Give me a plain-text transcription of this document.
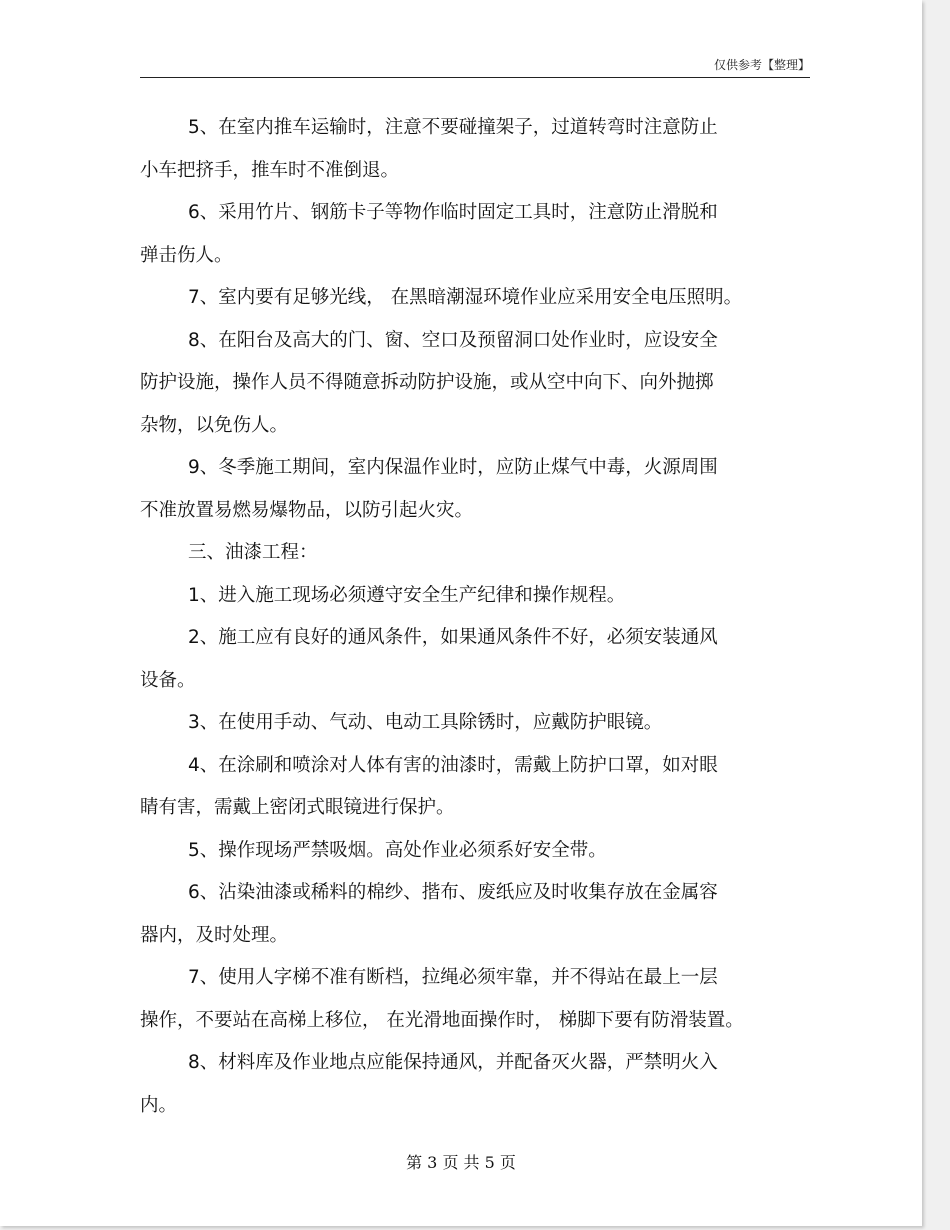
仅供参考【整理】
5、在室内推车运输时，注意不要碰撞架子，过道转弯时注意防止
小车把挤手，推车时不准倒退。
6、采用竹片、钢筋卡子等物作临时固定工具时，注意防止滑脱和
弹击伤人。
7、室内要有足够光线， 在黑暗潮湿环境作业应采用安全电压照明。
8、在阳台及高大的门、窗、空口及预留洞口处作业时，应设安全
防护设施，操作人员不得随意拆动防护设施，或从空中向下、向外抛掷
杂物，以免伤人。
9、冬季施工期间，室内保温作业时，应防止煤气中毒，火源周围
不准放置易燃易爆物品，以防引起火灾。
三、油漆工程：
1、进入施工现场必须遵守安全生产纪律和操作规程。
2、施工应有良好的通风条件，如果通风条件不好，必须安装通风
设备。
3、在使用手动、气动、电动工具除锈时，应戴防护眼镜。
4、在涂刷和喷涂对人体有害的油漆时，需戴上防护口罩，如对眼
睛有害，需戴上密闭式眼镜进行保护。
5、操作现场严禁吸烟。高处作业必须系好安全带。
6、沾染油漆或稀料的棉纱、揩布、废纸应及时收集存放在金属容
器内，及时处理。
7、使用人字梯不准有断档，拉绳必须牢靠，并不得站在最上一层
操作，不要站在高梯上移位， 在光滑地面操作时， 梯脚下要有防滑装置。
8、材料库及作业地点应能保持通风，并配备灭火器，严禁明火入
内。
第 3 页 共 5 页
